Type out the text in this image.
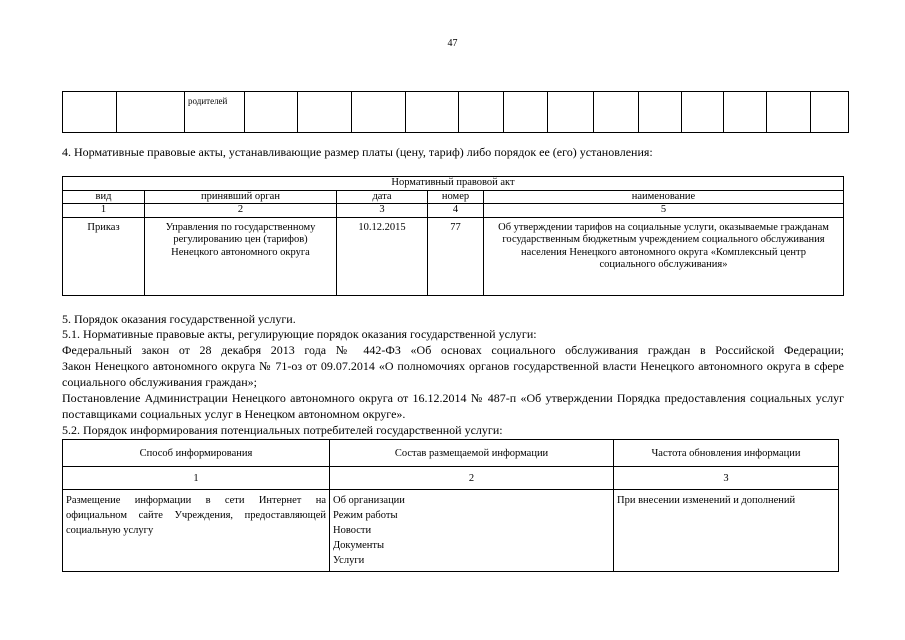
47
		родителей													
4. Нормативные правовые акты, устанавливающие размер платы (цену, тариф) либо порядок ее (его) установления:
Нормативный правовой акт				
вид	принявший орган	дата	номер	наименование
1	2	3	4	5
Приказ	Управления по государственному регулированию цен (тарифов) Ненецкого автономного округа	10.12.2015	77	Об утверждении тарифов на социальные услуги, оказываемые гражданам государственным бюджетным учреждением социального обслуживания населения Ненецкого автономного округа «Комплексный центр социального обслуживания»
5. Порядок оказания государственной услуги.
5.1. Нормативные правовые акты, регулирующие порядок оказания государственной услуги:
Федеральный закон от 28 декабря 2013 года № 442-ФЗ «Об основах социального обслуживания граждан в Российской Федерации;
Закон Ненецкого автономного округа № 71-оз от 09.07.2014 «О полномочиях органов государственной власти Ненецкого автономного округа в сфере социального обслуживания граждан»;
Постановление Администрации Ненецкого автономного округа от 16.12.2014 № 487-п «Об утверждении Порядка предоставления социальных услуг поставщиками социальных услуг в Ненецком автономном округе».
5.2. Порядок информирования потенциальных потребителей государственной услуги:
Способ информирования	Состав размещаемой информации	Частота обновления информации
1	2	3
Размещение информации в сети Интернет на официальном сайте Учреждения, предоставляющей социальную услугу	Об организации
Режим работы
Новости
Документы
Услуги	При внесении изменений и дополнений
